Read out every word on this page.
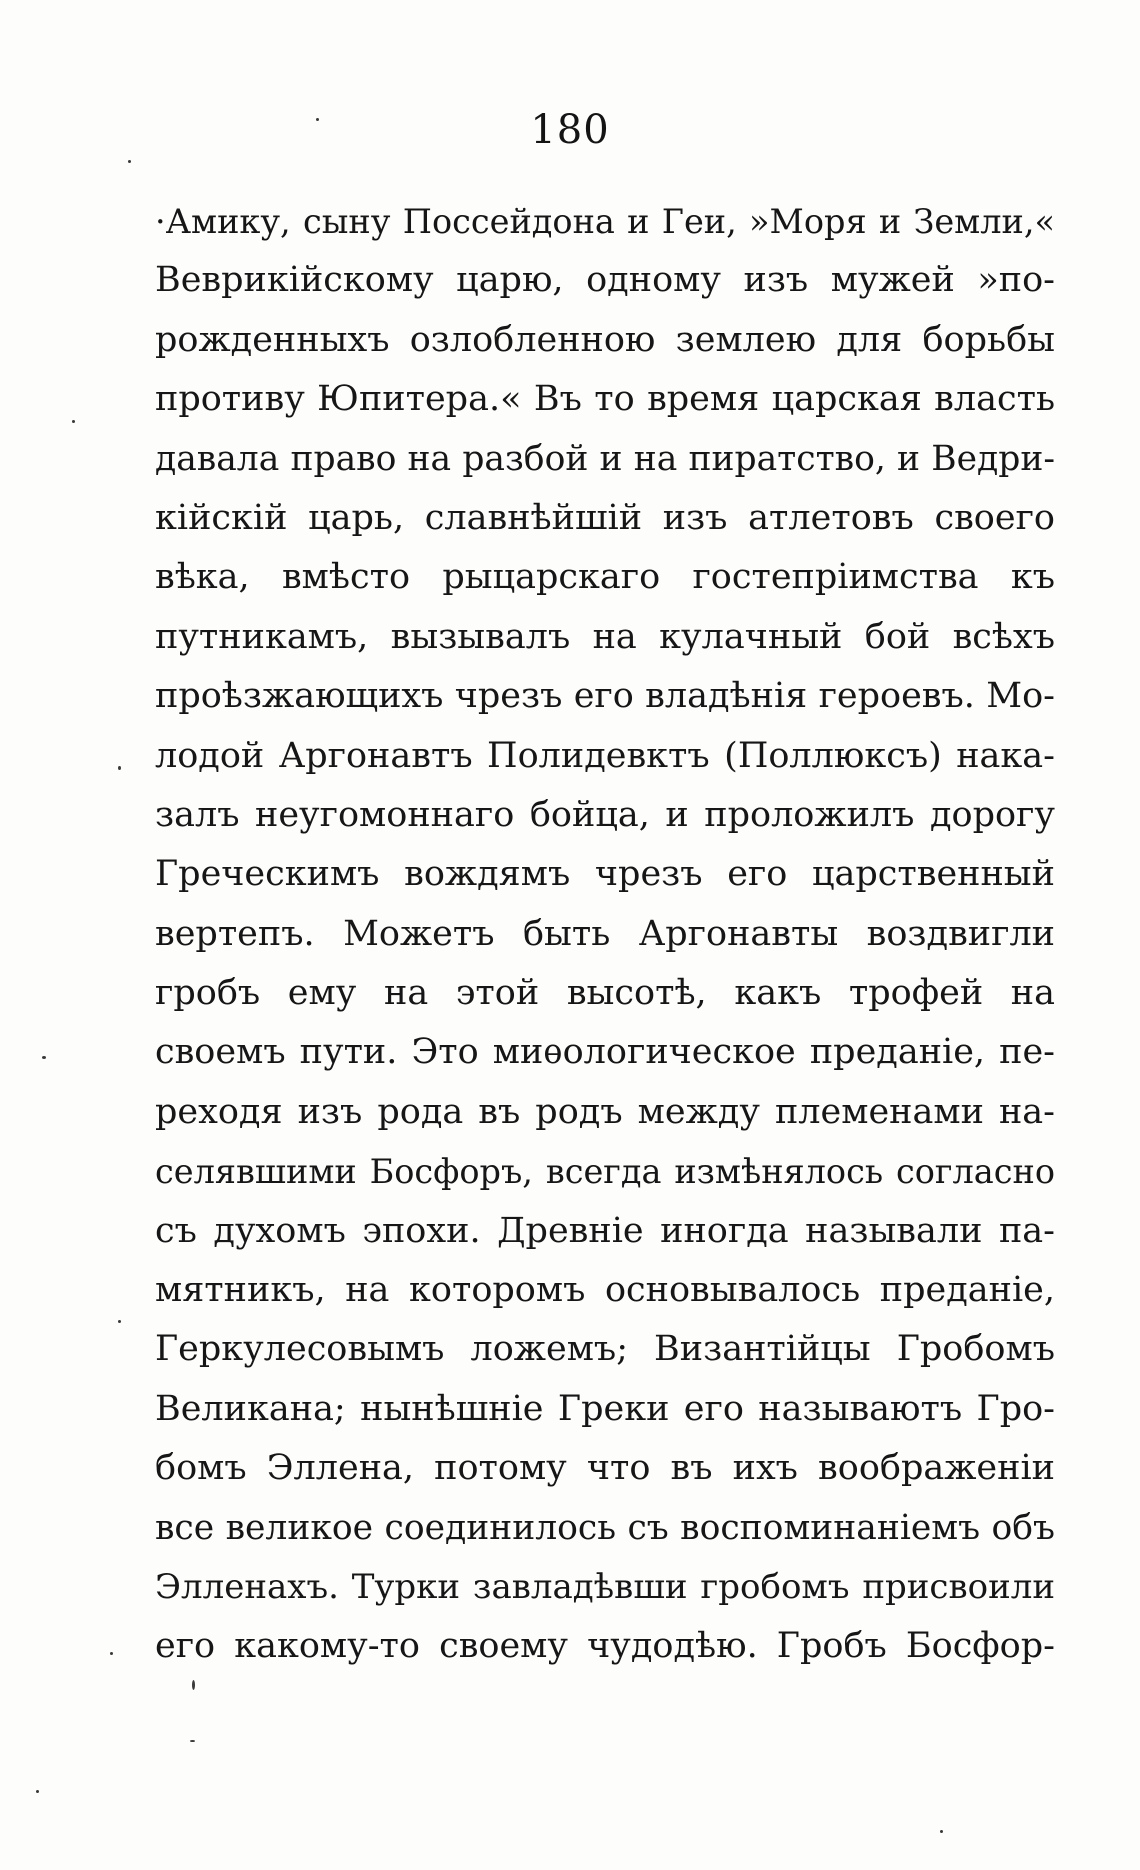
180
·Амику, сыну Поссейдона и Геи, »Моря и Земли,«
Веврикійскому царю, одному изъ мужей »по-
рожденныхъ озлобленною землею для борьбы
противу Юпитера.« Въ то время царская власть
давала право на разбой и на пиратство, и Ведри-
кійскій царь, славнѣйшій изъ атлетовъ своего
вѣка, вмѣсто рыцарскаго гостепріимства къ
путникамъ, вызывалъ на кулачный бой всѣхъ
проѣзжающихъ чрезъ его владѣнія героевъ. Мо-
лодой Аргонавтъ Полидевктъ (Поллюксъ) нака-
залъ неугомоннаго бойца, и проложилъ дорогу
Греческимъ вождямъ чрезъ его царственный
вертепъ. Можетъ быть Аргонавты воздвигли
гробъ ему на этой высотѣ, какъ трофей на
своемъ пути. Это миѳологическое преданіе, пе-
реходя изъ рода въ родъ между племенами на-
селявшими Босфоръ, всегда измѣнялось согласно
съ духомъ эпохи. Древніе иногда называли па-
мятникъ, на которомъ основывалось преданіе,
Геркулесовымъ ложемъ; Византійцы Гробомъ
Великана; нынѣшніе Греки его называютъ Гро-
бомъ Эллена, потому что въ ихъ воображеніи
все великое соединилось съ воспоминаніемъ объ
Элленахъ. Турки завладѣвши гробомъ присвоили
его какому-то своему чудодѣю. Гробъ Босфор-
